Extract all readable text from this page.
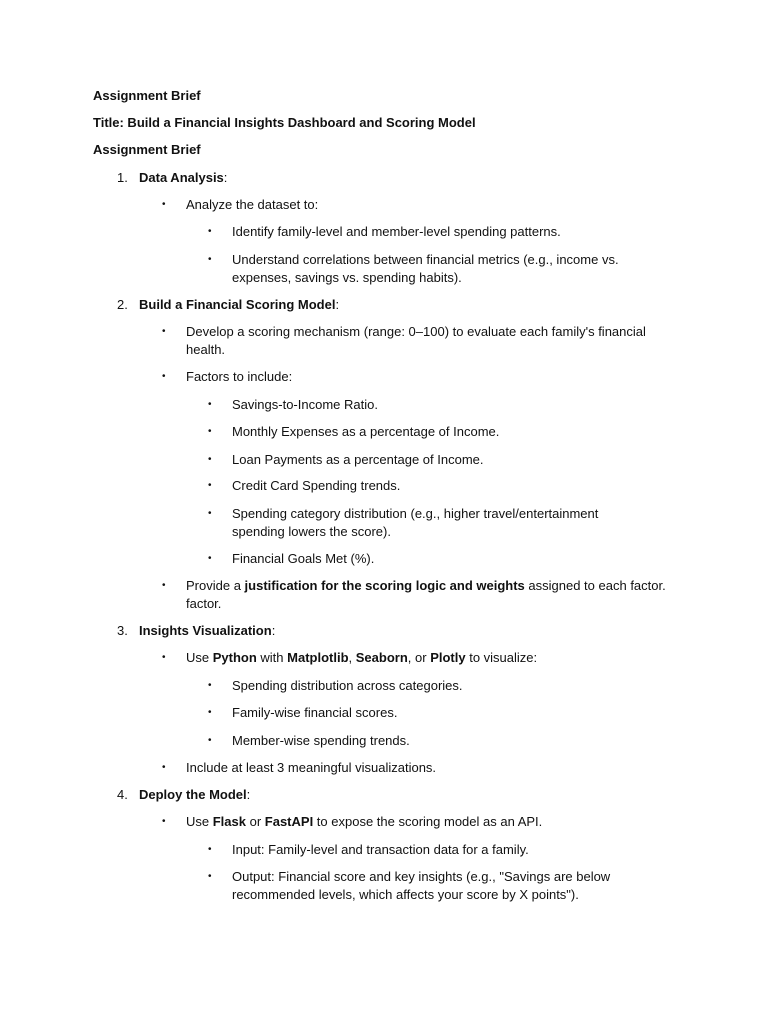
Assignment Brief
Title: Build a Financial Insights Dashboard and Scoring Model
Assignment Brief
1. Data Analysis:
• Analyze the dataset to:
• Identify family-level and member-level spending patterns.
• Understand correlations between financial metrics (e.g., income vs.
expenses, savings vs. spending habits).
2. Build a Financial Scoring Model:
• Develop a scoring mechanism (range: 0–100) to evaluate each family's financial
health.
• Factors to include:
• Savings-to-Income Ratio.
• Monthly Expenses as a percentage of Income.
• Loan Payments as a percentage of Income.
• Credit Card Spending trends.
• Spending category distribution (e.g., higher travel/entertainment
spending lowers the score).
• Financial Goals Met (%).
• Provide a justification for the scoring logic and weights assigned to each factor.
factor.
3. Insights Visualization:
• Use Python with Matplotlib, Seaborn, or Plotly to visualize:
• Spending distribution across categories.
• Family-wise financial scores.
• Member-wise spending trends.
• Include at least 3 meaningful visualizations.
4. Deploy the Model:
• Use Flask or FastAPI to expose the scoring model as an API.
• Input: Family-level and transaction data for a family.
• Output: Financial score and key insights (e.g., "Savings are below
recommended levels, which affects your score by X points").
